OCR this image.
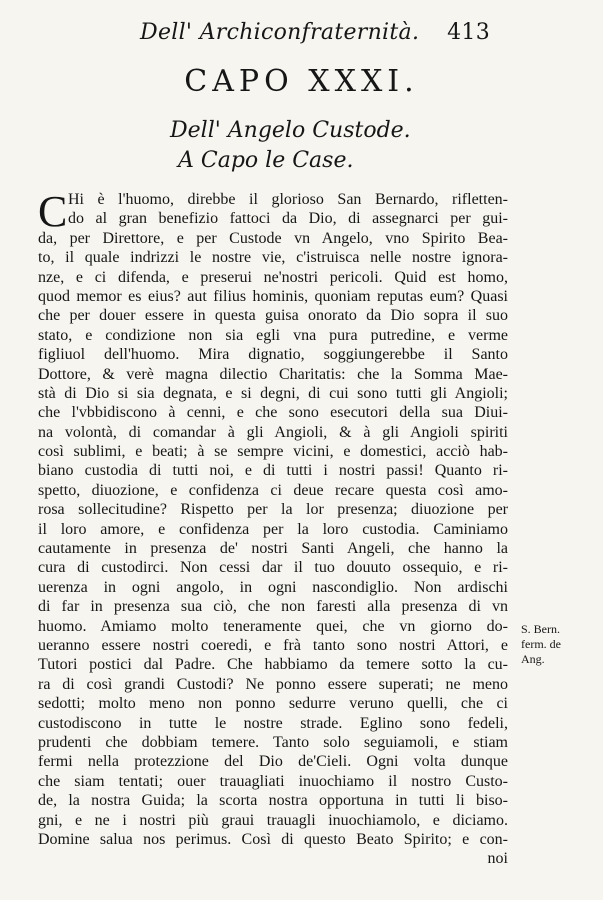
Dell' Archiconfraternità. 413
CAPO XXXI.
Dell' Angelo Custode.
A Capo le Case.
C Hi è l'huomo, direbbe il glorioso San Bernardo, rifletten-
do al gran benefizio fattoci da Dio, di assegnarci per gui-
da, per Direttore, e per Custode vn Angelo, vno Spirito Bea-
to, il quale indrizzi le nostre vie, c'istruisca nelle nostre ignora-
nze, e ci difenda, e preserui ne'nostri pericoli. Quid est homo,
quod memor es eius? aut filius hominis, quoniam reputas eum? Quasi
che per douer essere in questa guisa onorato da Dio sopra il suo
stato, e condizione non sia egli vna pura putredine, e verme
figliuol dell'huomo. Mira dignatio, soggiungerebbe il Santo
Dottore, & verè magna dilectio Charitatis: che la Somma Mae-
stà di Dio si sia degnata, e si degni, di cui sono tutti gli Angioli;
che l'vbbidiscono à cenni, e che sono esecutori della sua Diui-
na volontà, di comandar à gli Angioli, & à gli Angioli spiriti
così sublimi, e beati; à se sempre vicini, e domestici, acciò hab-
biano custodia di tutti noi, e di tutti i nostri passi! Quanto ri-
spetto, diuozione, e confidenza ci deue recare questa così amo-
rosa sollecitudine? Rispetto per la lor presenza; diuozione per
il loro amore, e confidenza per la loro custodia. Caminiamo
cautamente in presenza de' nostri Santi Angeli, che hanno la
cura di custodirci. Non cessi dar il tuo douuto ossequio, e ri-
uerenza in ogni angolo, in ogni nascondiglio. Non ardischi
di far in presenza sua ciò, che non faresti alla presenza di vn
huomo. Amiamo molto teneramente quei, che vn giorno do-
ueranno essere nostri coeredi, e frà tanto sono nostri Attori, e
Tutori postici dal Padre. Che habbiamo da temere sotto la cu-
ra di così grandi Custodi? Ne ponno essere superati; ne meno
sedotti; molto meno non ponno sedurre veruno quelli, che ci
custodiscono in tutte le nostre strade. Eglino sono fedeli,
prudenti che dobbiam temere. Tanto solo seguiamoli, e stiam
fermi nella protezzione del Dio de'Cieli. Ogni volta dunque
che siam tentati; ouer trauagliati inuochiamo il nostro Custo-
de, la nostra Guida; la scorta nostra opportuna in tutti li biso-
gni, e ne i nostri più graui trauagli inuochiamolo, e diciamo.
Domine salua nos perimus. Così di questo Beato Spirito; e con-
noi
S. Bern.
ferm. de
Ang.
